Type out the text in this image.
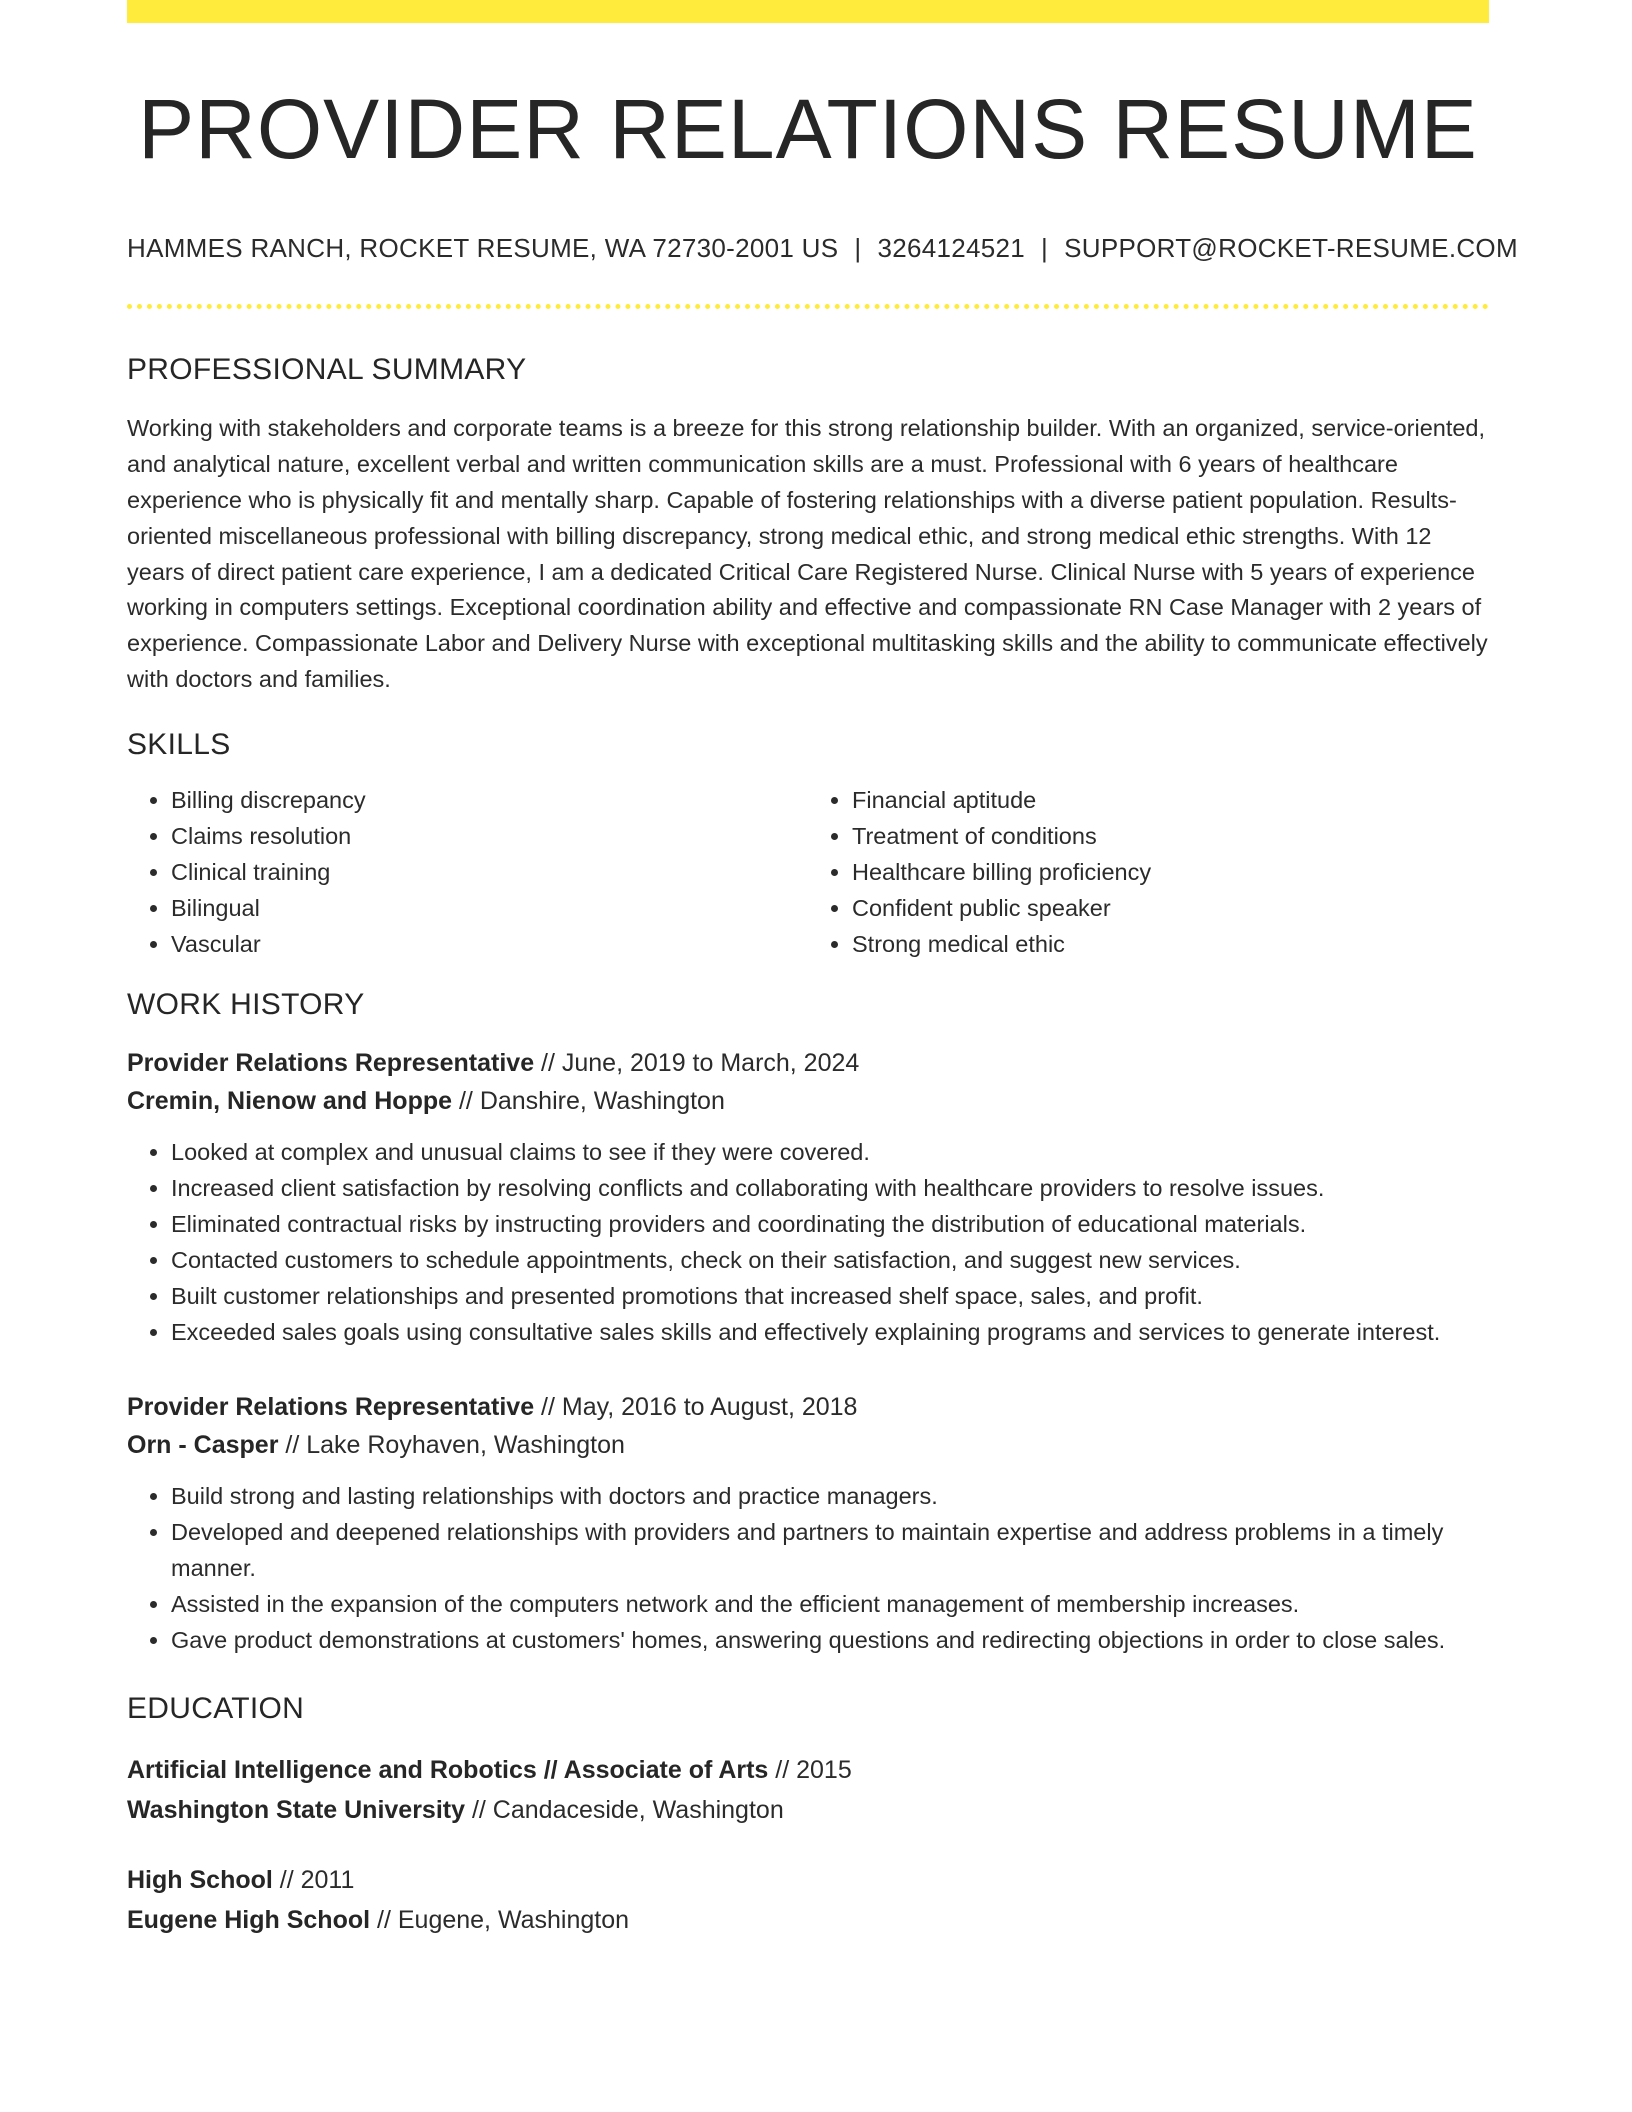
PROVIDER RELATIONS RESUME
HAMMES RANCH, ROCKET RESUME, WA 72730-2001 US | 3264124521 | SUPPORT@ROCKET-RESUME.COM
PROFESSIONAL SUMMARY

Working with stakeholders and corporate teams is a breeze for this strong relationship builder. With an organized, service-oriented, and analytical nature, excellent verbal and written communication skills are a must. Professional with 6 years of healthcare experience who is physically fit and mentally sharp. Capable of fostering relationships with a diverse patient population. Results-oriented miscellaneous professional with billing discrepancy, strong medical ethic, and strong medical ethic strengths. With 12 years of direct patient care experience, I am a dedicated Critical Care Registered Nurse. Clinical Nurse with 5 years of experience working in computers settings. Exceptional coordination ability and effective and compassionate RN Case Manager with 2 years of experience. Compassionate Labor and Delivery Nurse with exceptional multitasking skills and the ability to communicate effectively with doctors and families.

SKILLS
• Billing discrepancy
• Claims resolution
• Clinical training
• Bilingual
• Vascular
• Financial aptitude
• Treatment of conditions
• Healthcare billing proficiency
• Confident public speaker
• Strong medical ethic
WORK HISTORY
Provider Relations Representative // June, 2019 to March, 2024
Cremin, Nienow and Hoppe // Danshire, Washington
• Looked at complex and unusual claims to see if they were covered.
• Increased client satisfaction by resolving conflicts and collaborating with healthcare providers to resolve issues.
• Eliminated contractual risks by instructing providers and coordinating the distribution of educational materials.
• Contacted customers to schedule appointments, check on their satisfaction, and suggest new services.
• Built customer relationships and presented promotions that increased shelf space, sales, and profit.
• Exceeded sales goals using consultative sales skills and effectively explaining programs and services to generate interest.
Provider Relations Representative // May, 2016 to August, 2018
Orn - Casper // Lake Royhaven, Washington
• Build strong and lasting relationships with doctors and practice managers.
• Developed and deepened relationships with providers and partners to maintain expertise and address problems in a timely manner.
• Assisted in the expansion of the computers network and the efficient management of membership increases.
• Gave product demonstrations at customers' homes, answering questions and redirecting objections in order to close sales.
EDUCATION
Artificial Intelligence and Robotics // Associate of Arts // 2015
Washington State University // Candaceside, Washington
High School // 2011
Eugene High School // Eugene, Washington
